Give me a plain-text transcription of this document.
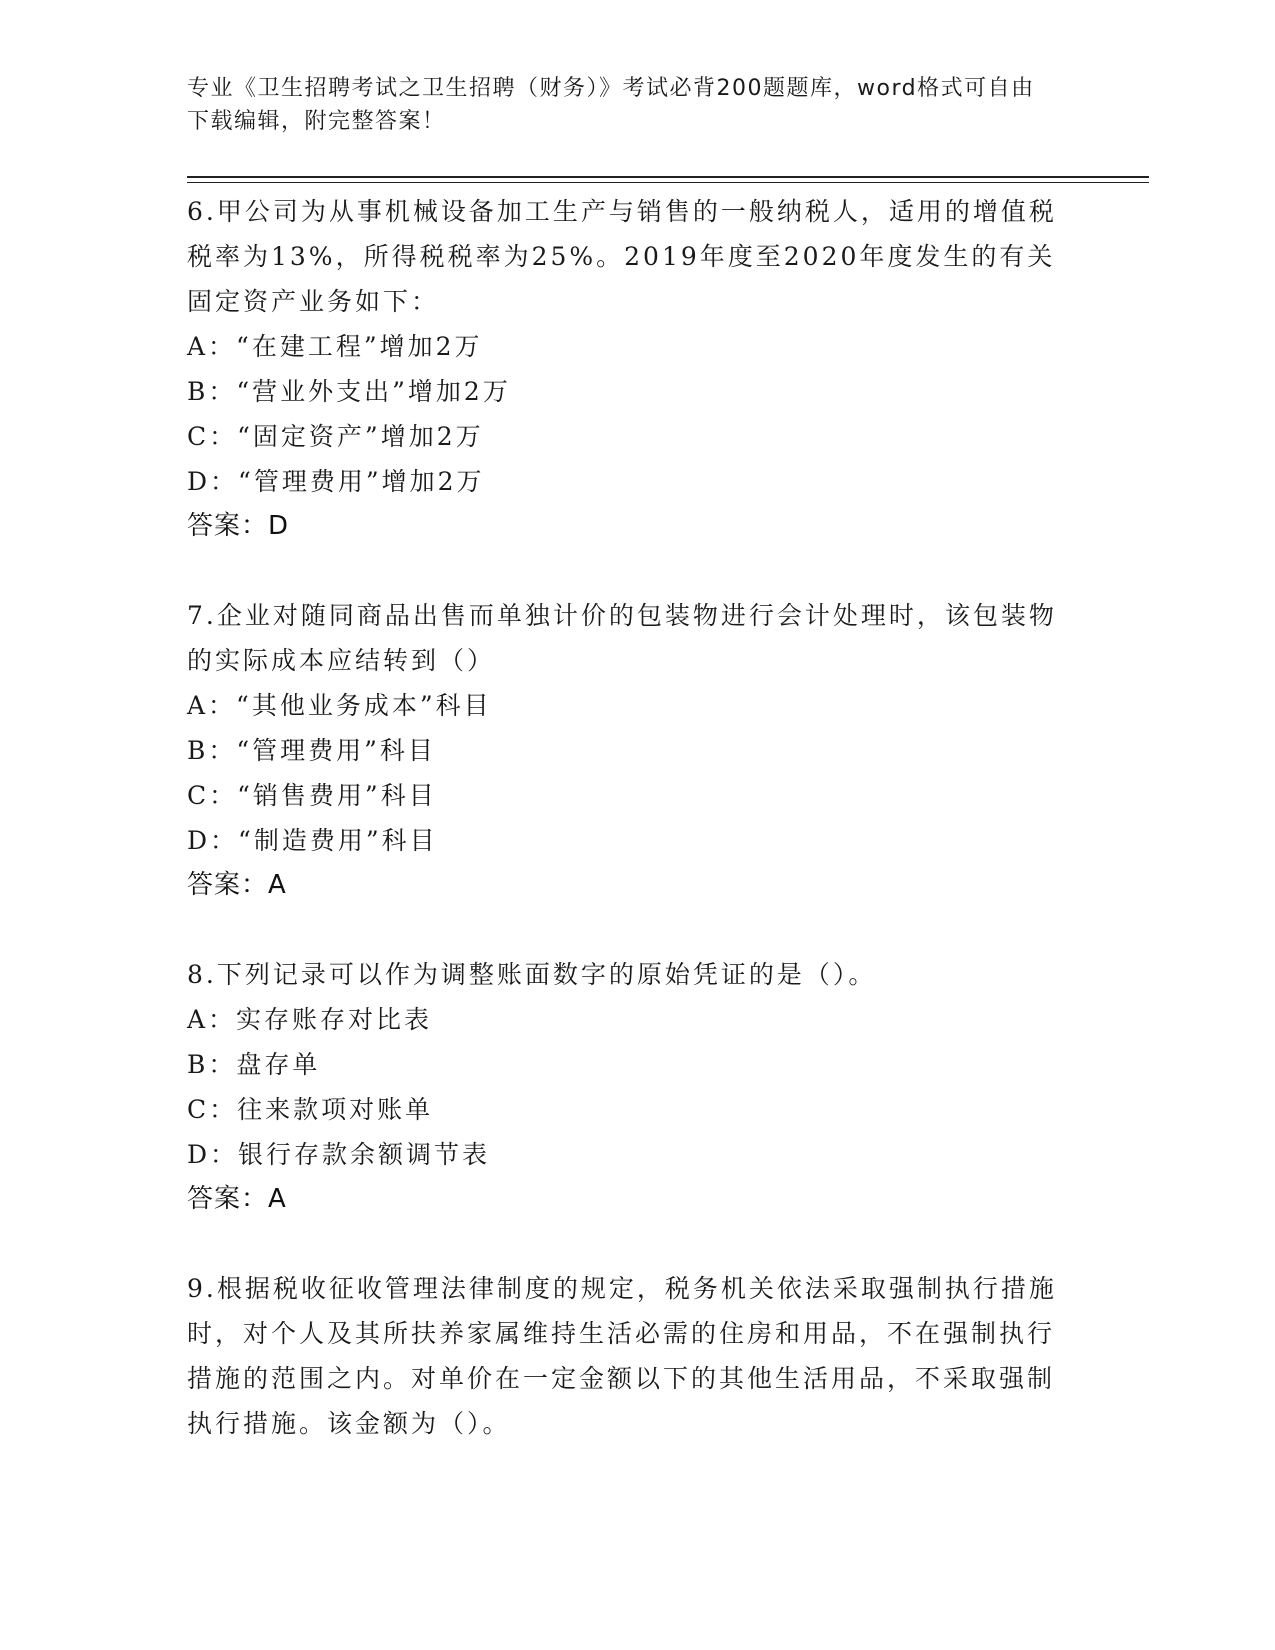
专业《卫生招聘考试之卫生招聘（财务）》考试必背200题题库，word格式可自由下载编辑，附完整答案！

6.甲公司为从事机械设备加工生产与销售的一般纳税人，适用的增值税税率为13%，所得税税率为25%。2019年度至2020年度发生的有关固定资产业务如下：

A：“在建工程”增加2万

B：“营业外支出”增加2万

C：“固定资产”增加2万

D：“管理费用”增加2万

答案：D

7.企业对随同商品出售而单独计价的包装物进行会计处理时，该包装物的实际成本应结转到（）

A：“其他业务成本”科目

B：“管理费用”科目

C：“销售费用”科目

D：“制造费用”科目

答案：A

8.下列记录可以作为调整账面数字的原始凭证的是（）。

A：实存账存对比表

B：盘存单

C：往来款项对账单

D：银行存款余额调节表

答案：A

9.根据税收征收管理法律制度的规定，税务机关依法采取强制执行措施时，对个人及其所扶养家属维持生活必需的住房和用品，不在强制执行措施的范围之内。对单价在一定金额以下的其他生活用品，不采取强制执行措施。该金额为（）。
